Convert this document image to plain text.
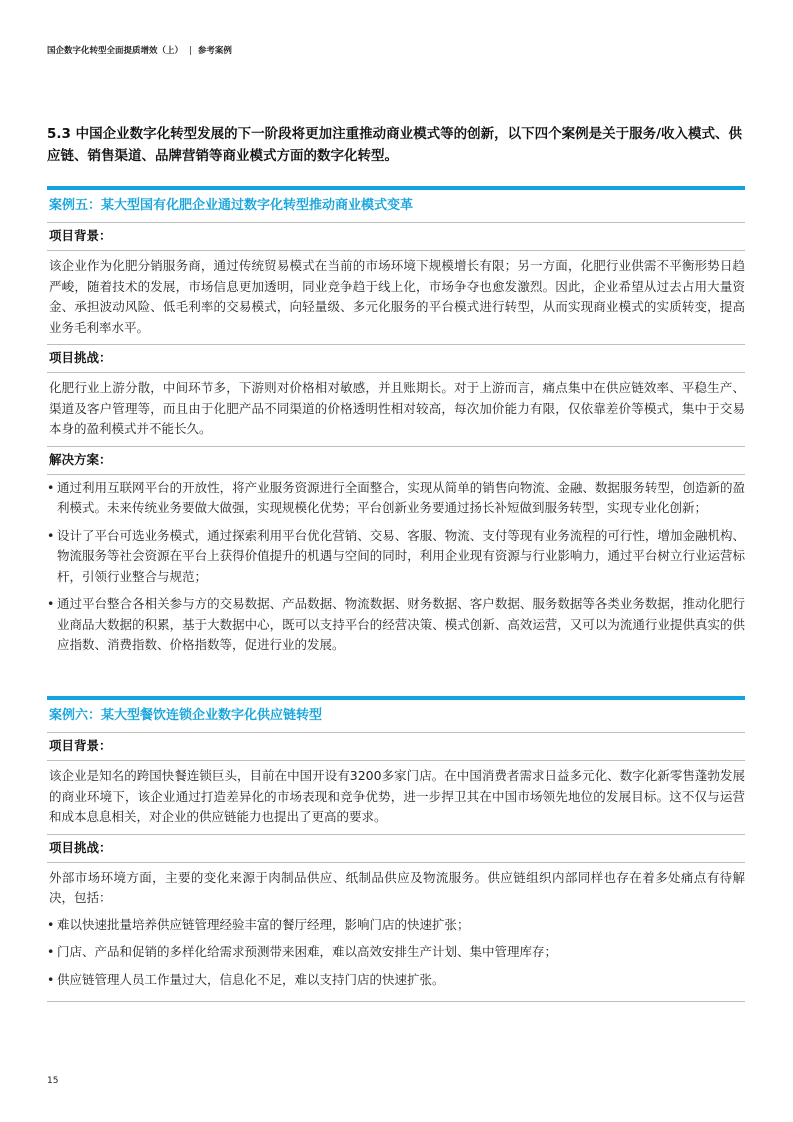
国企数字化转型全面提质增效（上） | 参考案例
5.3 中国企业数字化转型发展的下一阶段将更加注重推动商业模式等的创新，以下四个案例是关于服务/收入模式、供应链、销售渠道、品牌营销等商业模式方面的数字化转型。
案例五：某大型国有化肥企业通过数字化转型推动商业模式变革
项目背景：
该企业作为化肥分销服务商，通过传统贸易模式在当前的市场环境下规模增长有限；另一方面，化肥行业供需不平衡形势日趋严峻，随着技术的发展，市场信息更加透明，同业竞争趋于线上化，市场争夺也愈发激烈。因此，企业希望从过去占用大量资金、承担波动风险、低毛利率的交易模式，向轻量级、多元化服务的平台模式进行转型，从而实现商业模式的实质转变，提高业务毛利率水平。
项目挑战：
化肥行业上游分散，中间环节多，下游则对价格相对敏感，并且账期长。对于上游而言，痛点集中在供应链效率、平稳生产、渠道及客户管理等，而且由于化肥产品不同渠道的价格透明性相对较高，每次加价能力有限，仅依靠差价等模式，集中于交易本身的盈利模式并不能长久。
解决方案：
• 通过利用互联网平台的开放性，将产业服务资源进行全面整合，实现从简单的销售向物流、金融、数据服务转型，创造新的盈利模式。未来传统业务要做大做强，实现规模化优势；平台创新业务要通过扬长补短做到服务转型，实现专业化创新；
• 设计了平台可选业务模式，通过探索利用平台优化营销、交易、客服、物流、支付等现有业务流程的可行性，增加金融机构、物流服务等社会资源在平台上获得价值提升的机遇与空间的同时，利用企业现有资源与行业影响力，通过平台树立行业运营标杆，引领行业整合与规范；
• 通过平台整合各相关参与方的交易数据、产品数据、物流数据、财务数据、客户数据、服务数据等各类业务数据，推动化肥行业商品大数据的积累，基于大数据中心，既可以支持平台的经营决策、模式创新、高效运营，又可以为流通行业提供真实的供应指数、消费指数、价格指数等，促进行业的发展。
案例六：某大型餐饮连锁企业数字化供应链转型
项目背景：
该企业是知名的跨国快餐连锁巨头，目前在中国开设有3200多家门店。在中国消费者需求日益多元化、数字化新零售蓬勃发展的商业环境下，该企业通过打造差异化的市场表现和竞争优势，进一步捍卫其在中国市场领先地位的发展目标。这不仅与运营和成本息息相关，对企业的供应链能力也提出了更高的要求。
项目挑战：
外部市场环境方面，主要的变化来源于肉制品供应、纸制品供应及物流服务。供应链组织内部同样也存在着多处痛点有待解决，包括：
• 难以快速批量培养供应链管理经验丰富的餐厅经理，影响门店的快速扩张；
• 门店、产品和促销的多样化给需求预测带来困难，难以高效安排生产计划、集中管理库存；
• 供应链管理人员工作量过大，信息化不足，难以支持门店的快速扩张。
15
